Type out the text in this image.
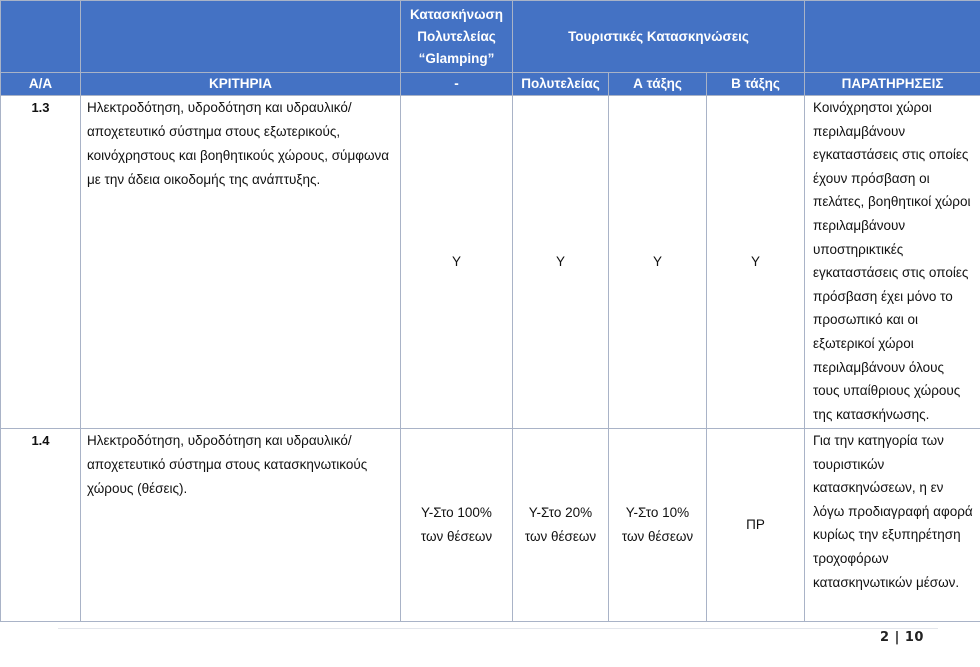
		Κατασκήνωση Πολυτελείας “Glamping”	Τουριστικές Κατασκηνώσεις			
Α/Α	ΚΡΙΤΗΡΙΑ	-	Πολυτελείας	Α τάξης	Β τάξης	ΠΑΡΑΤΗΡΗΣΕΙΣ
1.3	Ηλεκτροδότηση, υδροδότηση και υδραυλικό/ αποχετευτικό σύστημα στους εξωτερικούς, κοινόχρηστους και βοηθητικούς χώρους, σύμφωνα με την άδεια οικοδομής της ανάπτυξης.	Y	Y	Y	Y	Κοινόχρηστοι χώροι περιλαμβάνουν εγκαταστάσεις στις οποίες έχουν πρόσβαση οι πελάτες, βοηθητικοί χώροι περιλαμβάνουν υποστηρικτικές εγκαταστάσεις στις οποίες πρόσβαση έχει μόνο το προσωπικό και οι εξωτερικοί χώροι περιλαμβάνουν όλους τους υπαίθριους χώρους της κατασκήνωσης.
1.4	Ηλεκτροδότηση, υδροδότηση και υδραυλικό/ αποχετευτικό σύστημα στους κατασκηνωτικούς χώρους (θέσεις).	Y-Στο 100% των θέσεων	Y-Στο 20% των θέσεων	Y-Στο 10% των θέσεων	ΠΡ	Για την κατηγορία των τουριστικών κατασκηνώσεων, η εν λόγω προδιαγραφή αφορά κυρίως την εξυπηρέτηση τροχοφόρων κατασκηνωτικών μέσων.
2 | 10
